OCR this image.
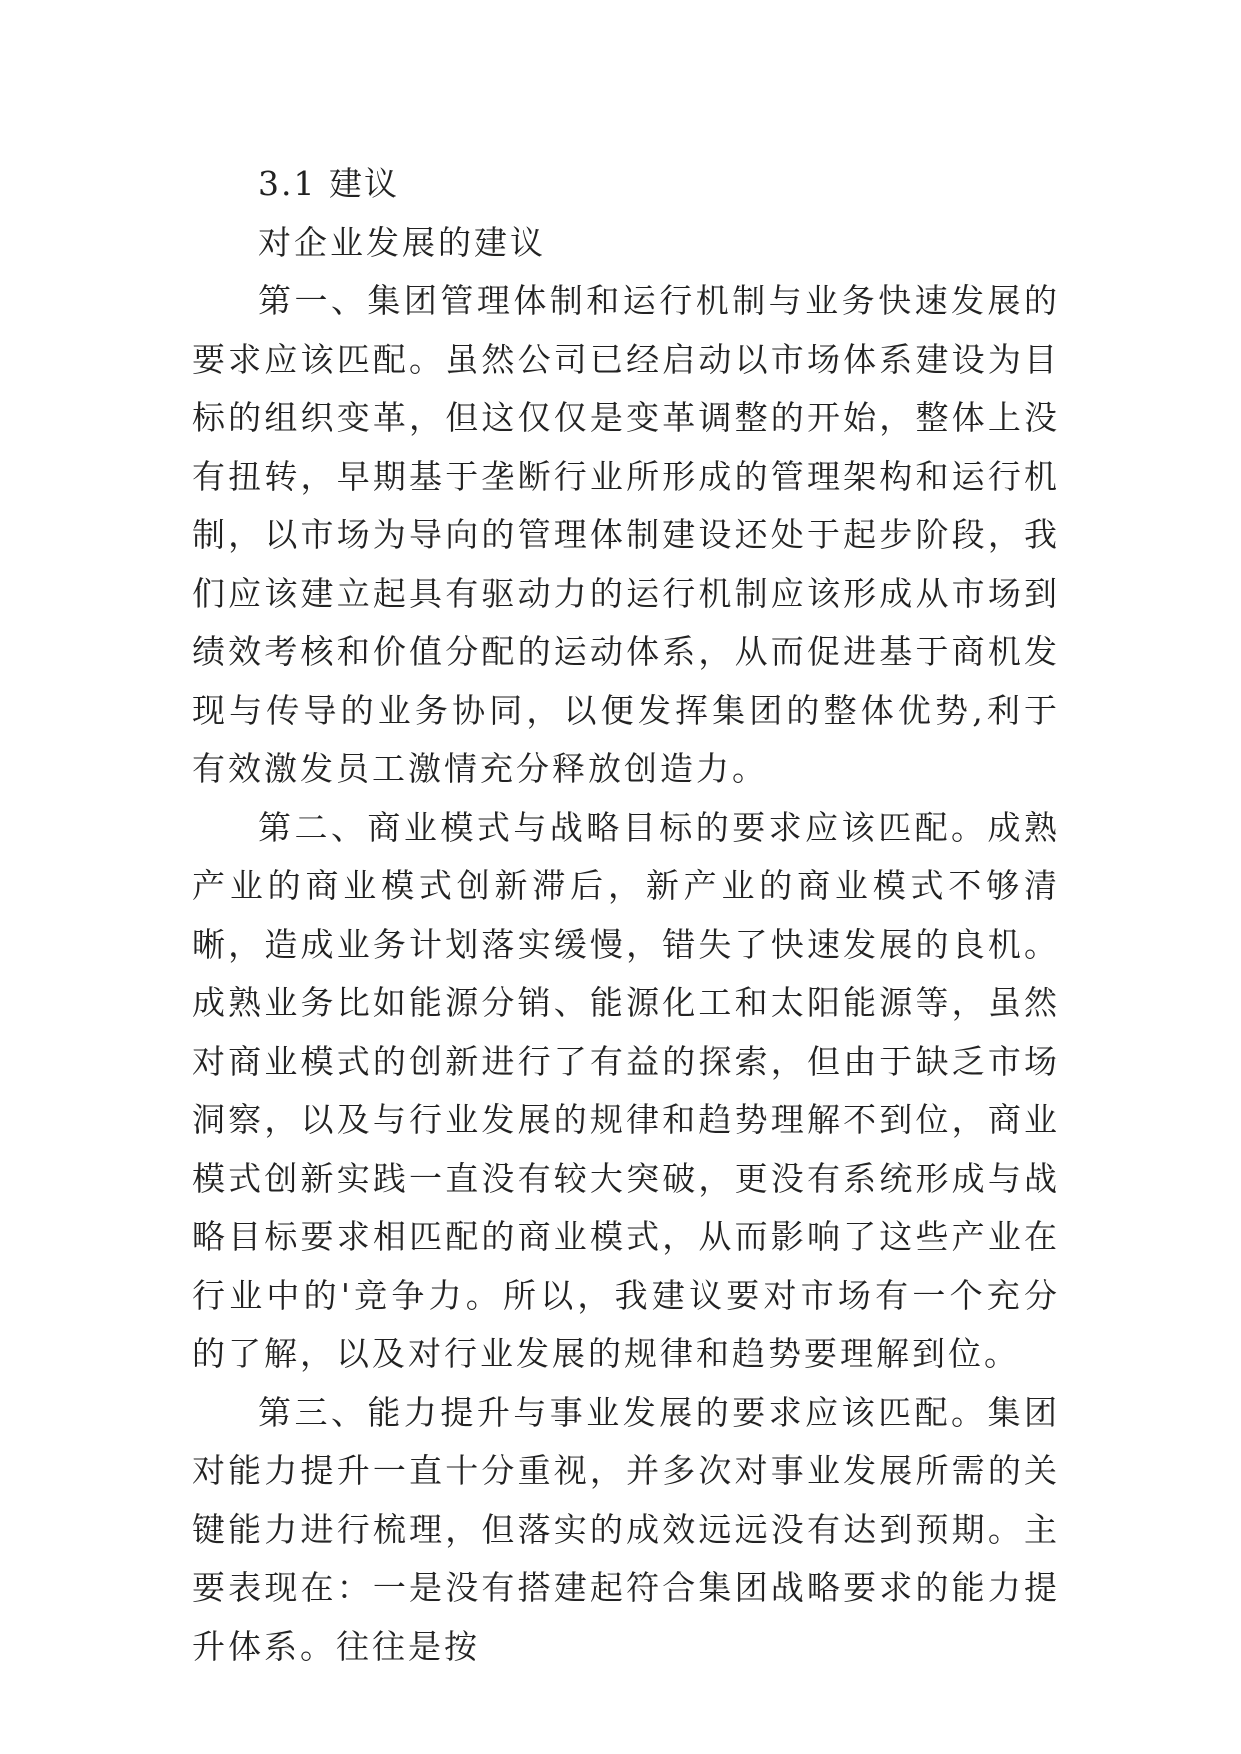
3.1 建议

对企业发展的建议

第一、集团管理体制和运行机制与业务快速发展的要求应该匹配。虽然公司已经启动以市场体系建设为目标的组织变革，但这仅仅是变革调整的开始，整体上没有扭转，早期基于垄断行业所形成的管理架构和运行机制，以市场为导向的管理体制建设还处于起步阶段，我们应该建立起具有驱动力的运行机制应该形成从市场到绩效考核和价值分配的运动体系，从而促进基于商机发现与传导的业务协同，以便发挥集团的整体优势,利于有效激发员工激情充分释放创造力。

第二、商业模式与战略目标的要求应该匹配。成熟产业的商业模式创新滞后，新产业的商业模式不够清晰，造成业务计划落实缓慢，错失了快速发展的良机。成熟业务比如能源分销、能源化工和太阳能源等，虽然对商业模式的创新进行了有益的探索，但由于缺乏市场洞察，以及与行业发展的规律和趋势理解不到位，商业模式创新实践一直没有较大突破，更没有系统形成与战略目标要求相匹配的商业模式，从而影响了这些产业在行业中的'竞争力。所以，我建议要对市场有一个充分的了解，以及对行业发展的规律和趋势要理解到位。

第三、能力提升与事业发展的要求应该匹配。集团对能力提升一直十分重视，并多次对事业发展所需的关键能力进行梳理，但落实的成效远远没有达到预期。主要表现在：一是没有搭建起符合集团战略要求的能力提升体系。往往是按
